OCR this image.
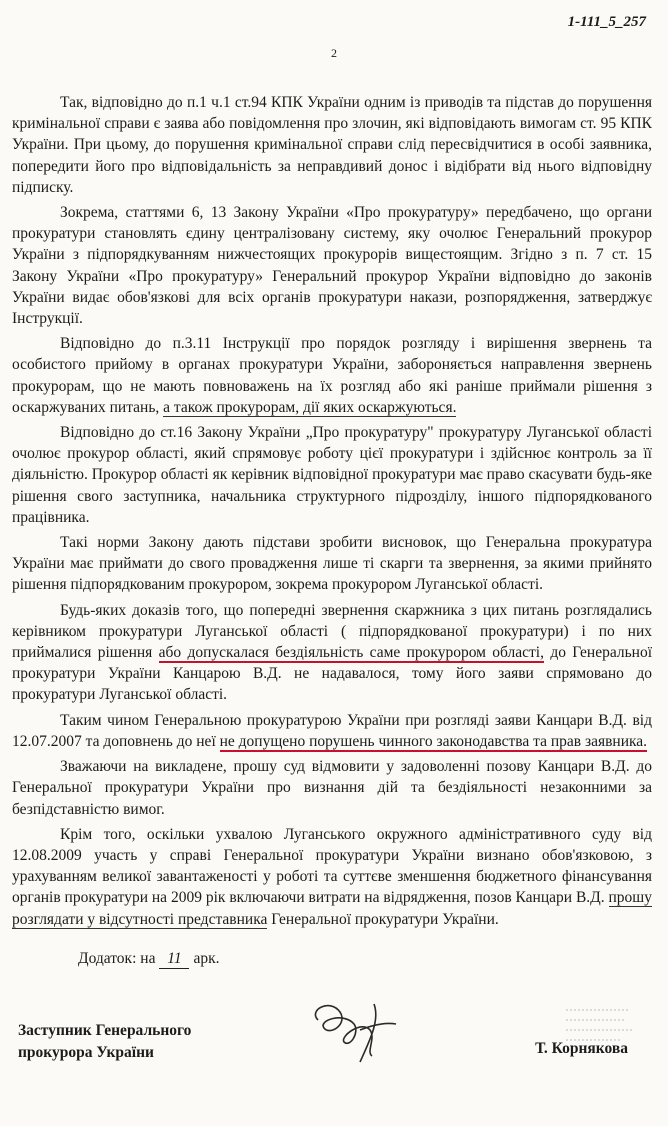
1-111_5_257
2

Так, відповідно до п.1 ч.1 ст.94 КПК України одним із приводів та підстав до порушення кримінальної справи є заява або повідомлення про злочин, які відповідають вимогам ст. 95 КПК України. При цьому, до порушення кримінальної справи слід пересвідчитися в особі заявника, попередити його про відповідальність за неправдивий донос і відібрати від нього відповідну підписку.

Зокрема, статтями 6, 13 Закону України «Про прокуратуру» передбачено, що органи прокуратури становлять єдину централізовану систему, яку очолює Генеральний прокурор України з підпорядкуванням нижчестоящих прокурорів вищестоящим. Згідно з п. 7 ст. 15 Закону України «Про прокуратуру» Генеральний прокурор України відповідно до законів України видає обов'язкові для всіх органів прокуратури накази, розпорядження, затверджує Інструкції.

Відповідно до п.3.11 Інструкції про порядок розгляду і вирішення звернень та особистого прийому в органах прокуратури України, забороняється направлення звернень прокурорам, що не мають повноважень на їх розгляд або які раніше приймали рішення з оскаржуваних питань, а також прокурорам, дії яких оскаржуються.

Відповідно до ст.16 Закону України „Про прокуратуру" прокуратуру Луганської області очолює прокурор області, який спрямовує роботу цієї прокуратури і здійснює контроль за її діяльністю. Прокурор області як керівник відповідної прокуратури має право скасувати будь-яке рішення свого заступника, начальника структурного підрозділу, іншого підпорядкованого працівника.

Такі норми Закону дають підстави зробити висновок, що Генеральна прокуратура України має приймати до свого провадження лише ті скарги та звернення, за якими прийнято рішення підпорядкованим прокурором, зокрема прокурором Луганської області.

Будь-яких доказів того, що попередні звернення скаржника з цих питань розглядались керівником прокуратури Луганської області ( підпорядкованої прокуратури) і по них приймалися рішення або допускалася бездіяльність саме прокурором області, до Генеральної прокуратури України Канцарою В.Д. не надавалося, тому його заяви спрямовано до прокуратури Луганської області.

Таким чином Генеральною прокуратурою України при розгляді заяви Канцари В.Д. від 12.07.2007 та доповнень до неї не допущено порушень чинного законодавства та прав заявника.

Зважаючи на викладене, прошу суд відмовити у задоволенні позову Канцари В.Д. до Генеральної прокуратури України про визнання дій та бездіяльності незаконними за безпідставністю вимог.

Крім того, оскільки ухвалою Луганського окружного адміністративного суду від 12.08.2009 участь у справі Генеральної прокуратури України визнано обов'язковою, з урахуванням великої завантаженості у роботі та суттєве зменшення бюджетного фінансування органів прокуратури на 2009 рік включаючи витрати на відрядження, позов Канцари В.Д. прошу розглядати у відсутності представника Генеральної прокуратури України.

Додаток: на 11 арк.
Заступник Генерального
прокурора України	Т. Корнякова
